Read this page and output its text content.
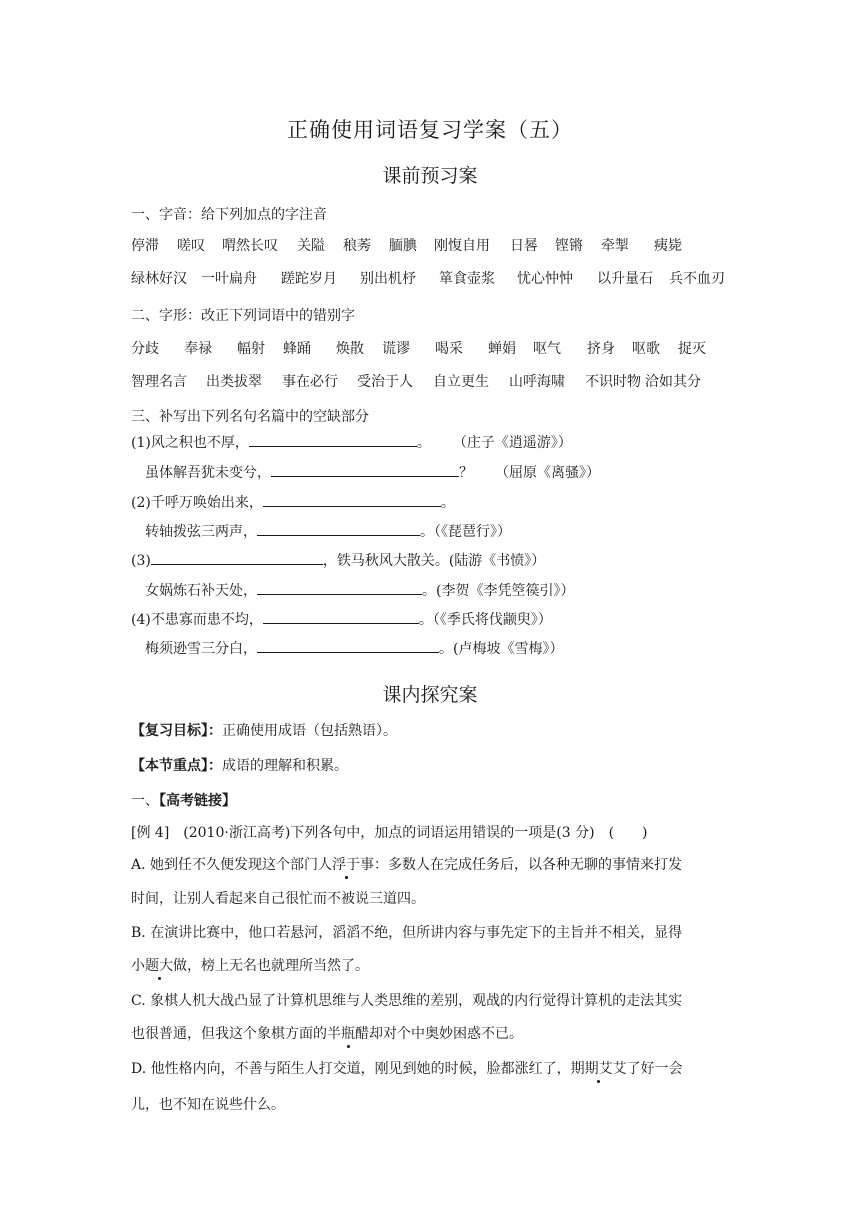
正确使用词语复习学案（五）
课前预习案
一、字音：给下列加点的字注音
停滞 嗟叹 喟然长叹 关隘 稂莠 腼腆 刚愎自用 日晷 铿锵 牵掣 痍毙
绿林好汉 一叶扁舟 蹉跎岁月 别出机杼 箪食壶浆 忧心忡忡 以升量石 兵不血刃
二、字形：改正下列词语中的错别字
分歧 奉禄 幅射 蜂踊 焕散 谎谬 喝采 蝉娟 呕气 挤身 呕歌 捉灭
智理名言 出类拔翠 事在必行 受治于人 自立更生 山呼海啸 不识时物 洽如其分
三、补写出下列名句名篇中的空缺部分
(1)风之积也不厚，	。 （庄子《逍遥游》）
虽体解吾犹未变兮，	？ （屈原《离骚》）
(2)千呼万唤始出来，	。
转轴拨弦三两声，	。（《琵琶行》）
(3)	，铁马秋风大散关。(陆游《书愤》）
女娲炼石补天处，	。(李贺《李凭箜篌引》）
(4)不患寡而患不均，	。（《季氏将伐颛臾》）
梅须逊雪三分白，	。(卢梅坡《雪梅》）
课内探究案
【复习目标】：正确使用成语（包括熟语）。
【本节重点】：成语的理解和积累。
一、【高考链接】
[例 4]　(2010·浙江高考)下列各句中，加点的词语运用错误的一项是(3 分)　(　　)
A. 她到任不久便发现这个部门人浮于事：多数人在完成任务后，以各种无聊的事情来打发
时间，让别人看起来自己很忙而不被说三道四。
B. 在演讲比赛中，他口若悬河，滔滔不绝，但所讲内容与事先定下的主旨并不相关，显得
小题大做，榜上无名也就理所当然了。
C. 象棋人机大战凸显了计算机思维与人类思维的差别，观战的内行觉得计算机的走法其实
也很普通，但我这个象棋方面的半瓶醋却对个中奥妙困惑不已。
D. 他性格内向，不善与陌生人打交道，刚见到她的时候，脸都涨红了，期期艾艾了好一会
儿，也不知在说些什么。
